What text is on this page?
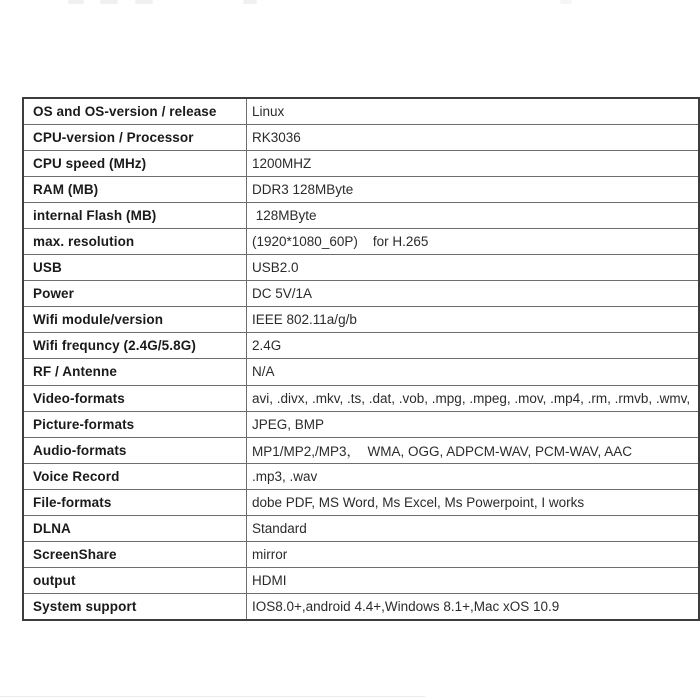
OS and OS-version / release	Linux
CPU-version / Processor	RK3036
CPU speed (MHz)	1200MHZ
RAM (MB)	DDR3 128MByte
internal Flash (MB)	128MByte
max. resolution	(1920*1080_60P)    for H.265
USB	USB2.0
Power	DC 5V/1A
Wifi module/version	IEEE 802.11a/g/b
Wifi frequncy (2.4G/5.8G)	2.4G
RF / Antenne	N/A
Video-formats	avi, .divx, .mkv, .ts, .dat, .vob, .mpg, .mpeg, .mov, .mp4, .rm, .rmvb, .wmv,
Picture-formats	JPEG, BMP
Audio-formats	MP1/MP2,/MP3，  WMA, OGG, ADPCM-WAV, PCM-WAV, AAC
Voice Record	.mp3, .wav
File-formats	dobe PDF, MS Word, Ms Excel, Ms Powerpoint, I works
DLNA	Standard
ScreenShare	mirror
output	HDMI
System support	IOS8.0+,android 4.4+,Windows 8.1+,Mac xOS 10.9
